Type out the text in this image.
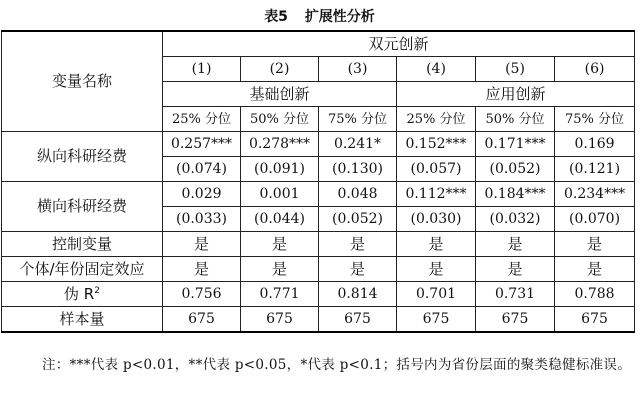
表5 扩展性分析
变量名称	双元创新					
	(1)	(2)	(3)	(4)	(5)	(6)
	基础创新			应用创新		
	25% 分位	50% 分位	75% 分位	25% 分位	50% 分位	75% 分位
纵向科研经费	0.257***	0.278***	0.241*	0.152***	0.171***	0.169
	(0.074)	(0.091)	(0.130)	(0.057)	(0.052)	(0.121)
横向科研经费	0.029	0.001	0.048	0.112***	0.184***	0.234***
	(0.033)	(0.044)	(0.052)	(0.030)	(0.032)	(0.070)
控制变量	是	是	是	是	是	是
个体/年份固定效应	是	是	是	是	是	是
伪 $R^2$	0.756	0.771	0.814	0.701	0.731	0.788
样本量	675	675	675	675	675	675
注：***代表 p<0.01，**代表 p<0.05，*代表 p<0.1；括号内为省份层面的聚类稳健标准误。
